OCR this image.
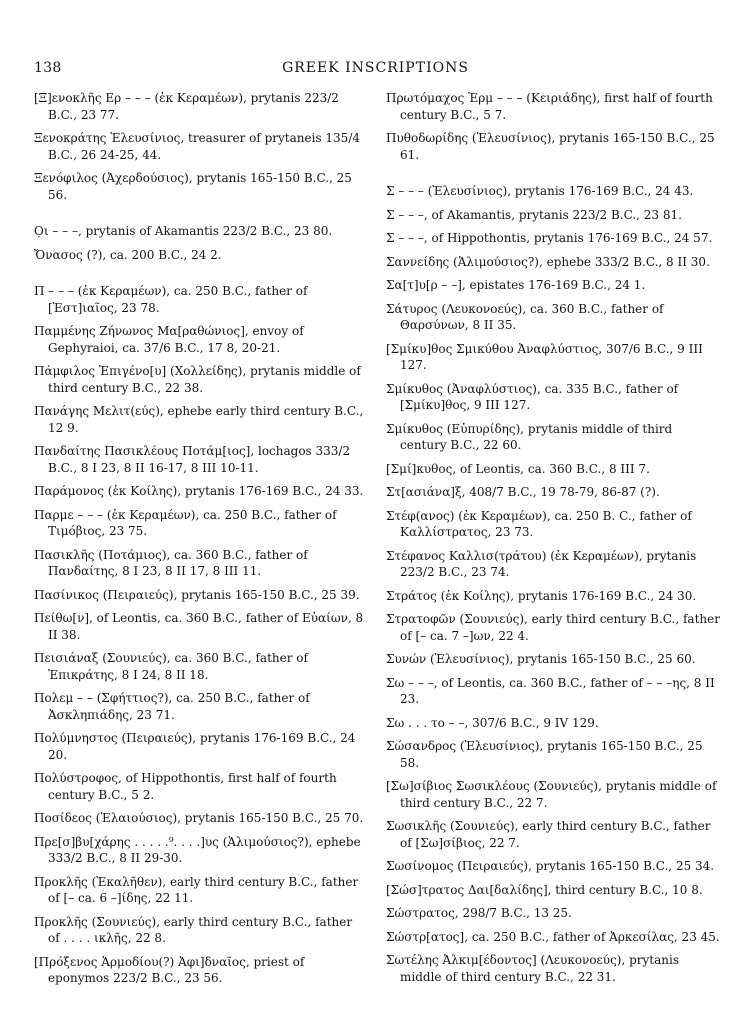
138	GREEK INSCRIPTIONS
[Ξ]ενοκλῆς Ερ – – – (ἐκ Κεραμέων), prytanis 223/2 B.C., 23 77.
Ξενοκράτης Ἐλευσίνιος, treasurer of prytaneis 135/4 B.C., 26 24-25, 44.
Ξενόφιλος (Ἀχερδούσιος), prytanis 165-150 B.C., 25 56.
Ọι – – –, prytanis of Akamantis 223/2 B.C., 23 80.
Ὄνασος (?), ca. 200 B.C., 24 2.
Π – – – (ἐκ Κεραμέων), ca. 250 B.C., father of [Ἑστ]ιαῖος, 23 78.
Παμμένης Ζήνωνος Μα[ραθώνιος], envoy of Gephyraioi, ca. 37/6 B.C., 17 8, 20-21.
Πάμφιλος Ἐπιγένο[υ] (Χολλείδης), prytanis middle of third century B.C., 22 38.
Πανάγης Μελιτ(εύς), ephebe early third century B.C., 12 9.
Πανδαίτης Πασικλέους Ποτάμ[ιος], lochagos 333/2 B.C., 8 I 23, 8 II 16-17, 8 III 10-11.
Παράμονος (ἐκ Κοίλης), prytanis 176-169 B.C., 24 33.
Παρμε – – – (ἐκ Κεραμέων), ca. 250 B.C., father of Τιμόβιος, 23 75.
Πασικλῆς (Ποτάμιος), ca. 360 B.C., father of Πανδαίτης, 8 I 23, 8 II 17, 8 III 11.
Πασίνικος (Πειραιεύς), prytanis 165-150 B.C., 25 39.
Πείθω[ν], of Leontis, ca. 360 B.C., father of Εὐαίων, 8 II 38.
Πεισιάναξ (Σουνιεύς), ca. 360 B.C., father of Ἐπικράτης, 8 I 24, 8 II 18.
Πολεμ – – (Σφήττιος?), ca. 250 B.C., father of Ἀσκληπιάδης, 23 71.
Πολύμνηστος (Πειραιεύς), prytanis 176-169 B.C., 24 20.
Πολύστροφος, of Hippothontis, first half of fourth century B.C., 5 2.
Ποσίδεος (Ἐλαιούσιος), prytanis 165-150 B.C., 25 70.
Πρε[σ]βυ[χάρης . . . . .⁹. . . .]υς (Ἁλιμούσιος?), ephebe 333/2 B.C., 8 II 29-30.
Προκλῆς (Ἐκαλῆθεν), early third century B.C., father of [– ca. 6 –]ίδης, 22 11.
Προκλῆς (Σουνιεύς), early third century B.C., father of . . . . ικλῆς, 22 8.
[Πρόξενος Ἁρμοδίου(?) Ἀφι]δναῖος, priest of eponymos 223/2 B.C., 23 56.
Πρωτόμαχος Ἑρμ – – – (Κειριάδης), first half of fourth century B.C., 5 7.
Πυθοδωρίδης (Ἐλευσίνιος), prytanis 165-150 B.C., 25 61.
Σ – – – (Ἐλευσίνιος), prytanis 176-169 B.C., 24 43.
Σ – – –, of Akamantis, prytanis 223/2 B.C., 23 81.
Σ – – –, of Hippothontis, prytanis 176-169 B.C., 24 57.
Σαννείδης (Ἁλιμούσιος?), ephebe 333/2 B.C., 8 II 30.
Σα[τ]υ[ρ – –], epistates 176-169 B.C., 24 1.
Σάτυρος (Λευκονοεύς), ca. 360 B.C., father of Θαρσύνων, 8 II 35.
[Σμίκυ]θος Σμικύθου Ἀναφλύστιος, 307/6 B.C., 9 III 127.
Σμίκυθος (Ἀναφλύστιος), ca. 335 B.C., father of [Σμίκυ]θος, 9 III 127.
Σμίκυθος (Εὐπυρίδης), prytanis middle of third century B.C., 22 60.
[Σμί]κυθος, of Leontis, ca. 360 B.C., 8 III 7.
Στ[ασιάνα]ξ, 408/7 B.C., 19 78-79, 86-87 (?).
Στέφ(ανος) (ἐκ Κεραμέων), ca. 250 B. C., father of Καλλίστρατος, 23 73.
Στέφανος Καλλισ(τράτου) (ἐκ Κεραμέων), prytanis 223/2 B.C., 23 74.
Στράτος (ἐκ Κοίλης), prytanis 176-169 B.C., 24 30.
Στρατοφῶν (Σουνιεύς), early third century B.C., father of [– ca. 7 –]ων, 22 4.
Συνών (Ἐλευσίνιος), prytanis 165-150 B.C., 25 60.
Σω – – –, of Leontis, ca. 360 B.C., father of – – –ης, 8 II 23.
Σω . . . το – –, 307/6 B.C., 9 IV 129.
Σώσανδρος (Ἐλευσίνιος), prytanis 165-150 B.C., 25 58.
[Σω]σίβιος Σωσικλέους (Σουνιεύς), prytanis middle of third century B.C., 22 7.
Σωσικλῆς (Σουνιεύς), early third century B.C., father of [Σω]σίβιος, 22 7.
Σωσίνομος (Πειραιεύς), prytanis 165-150 B.C., 25 34.
[Σώσ]τρατος Δαι[δαλίδης], third century B.C., 10 8.
Σώστρατος, 298/7 B.C., 13 25.
Σώστρ[ατος], ca. 250 B.C., father of Ἀρκεσίλας, 23 45.
Σωτέλης Ἀλκιμ[έδοντος] (Λευκονοεύς), prytanis middle of third century B.C., 22 31.
